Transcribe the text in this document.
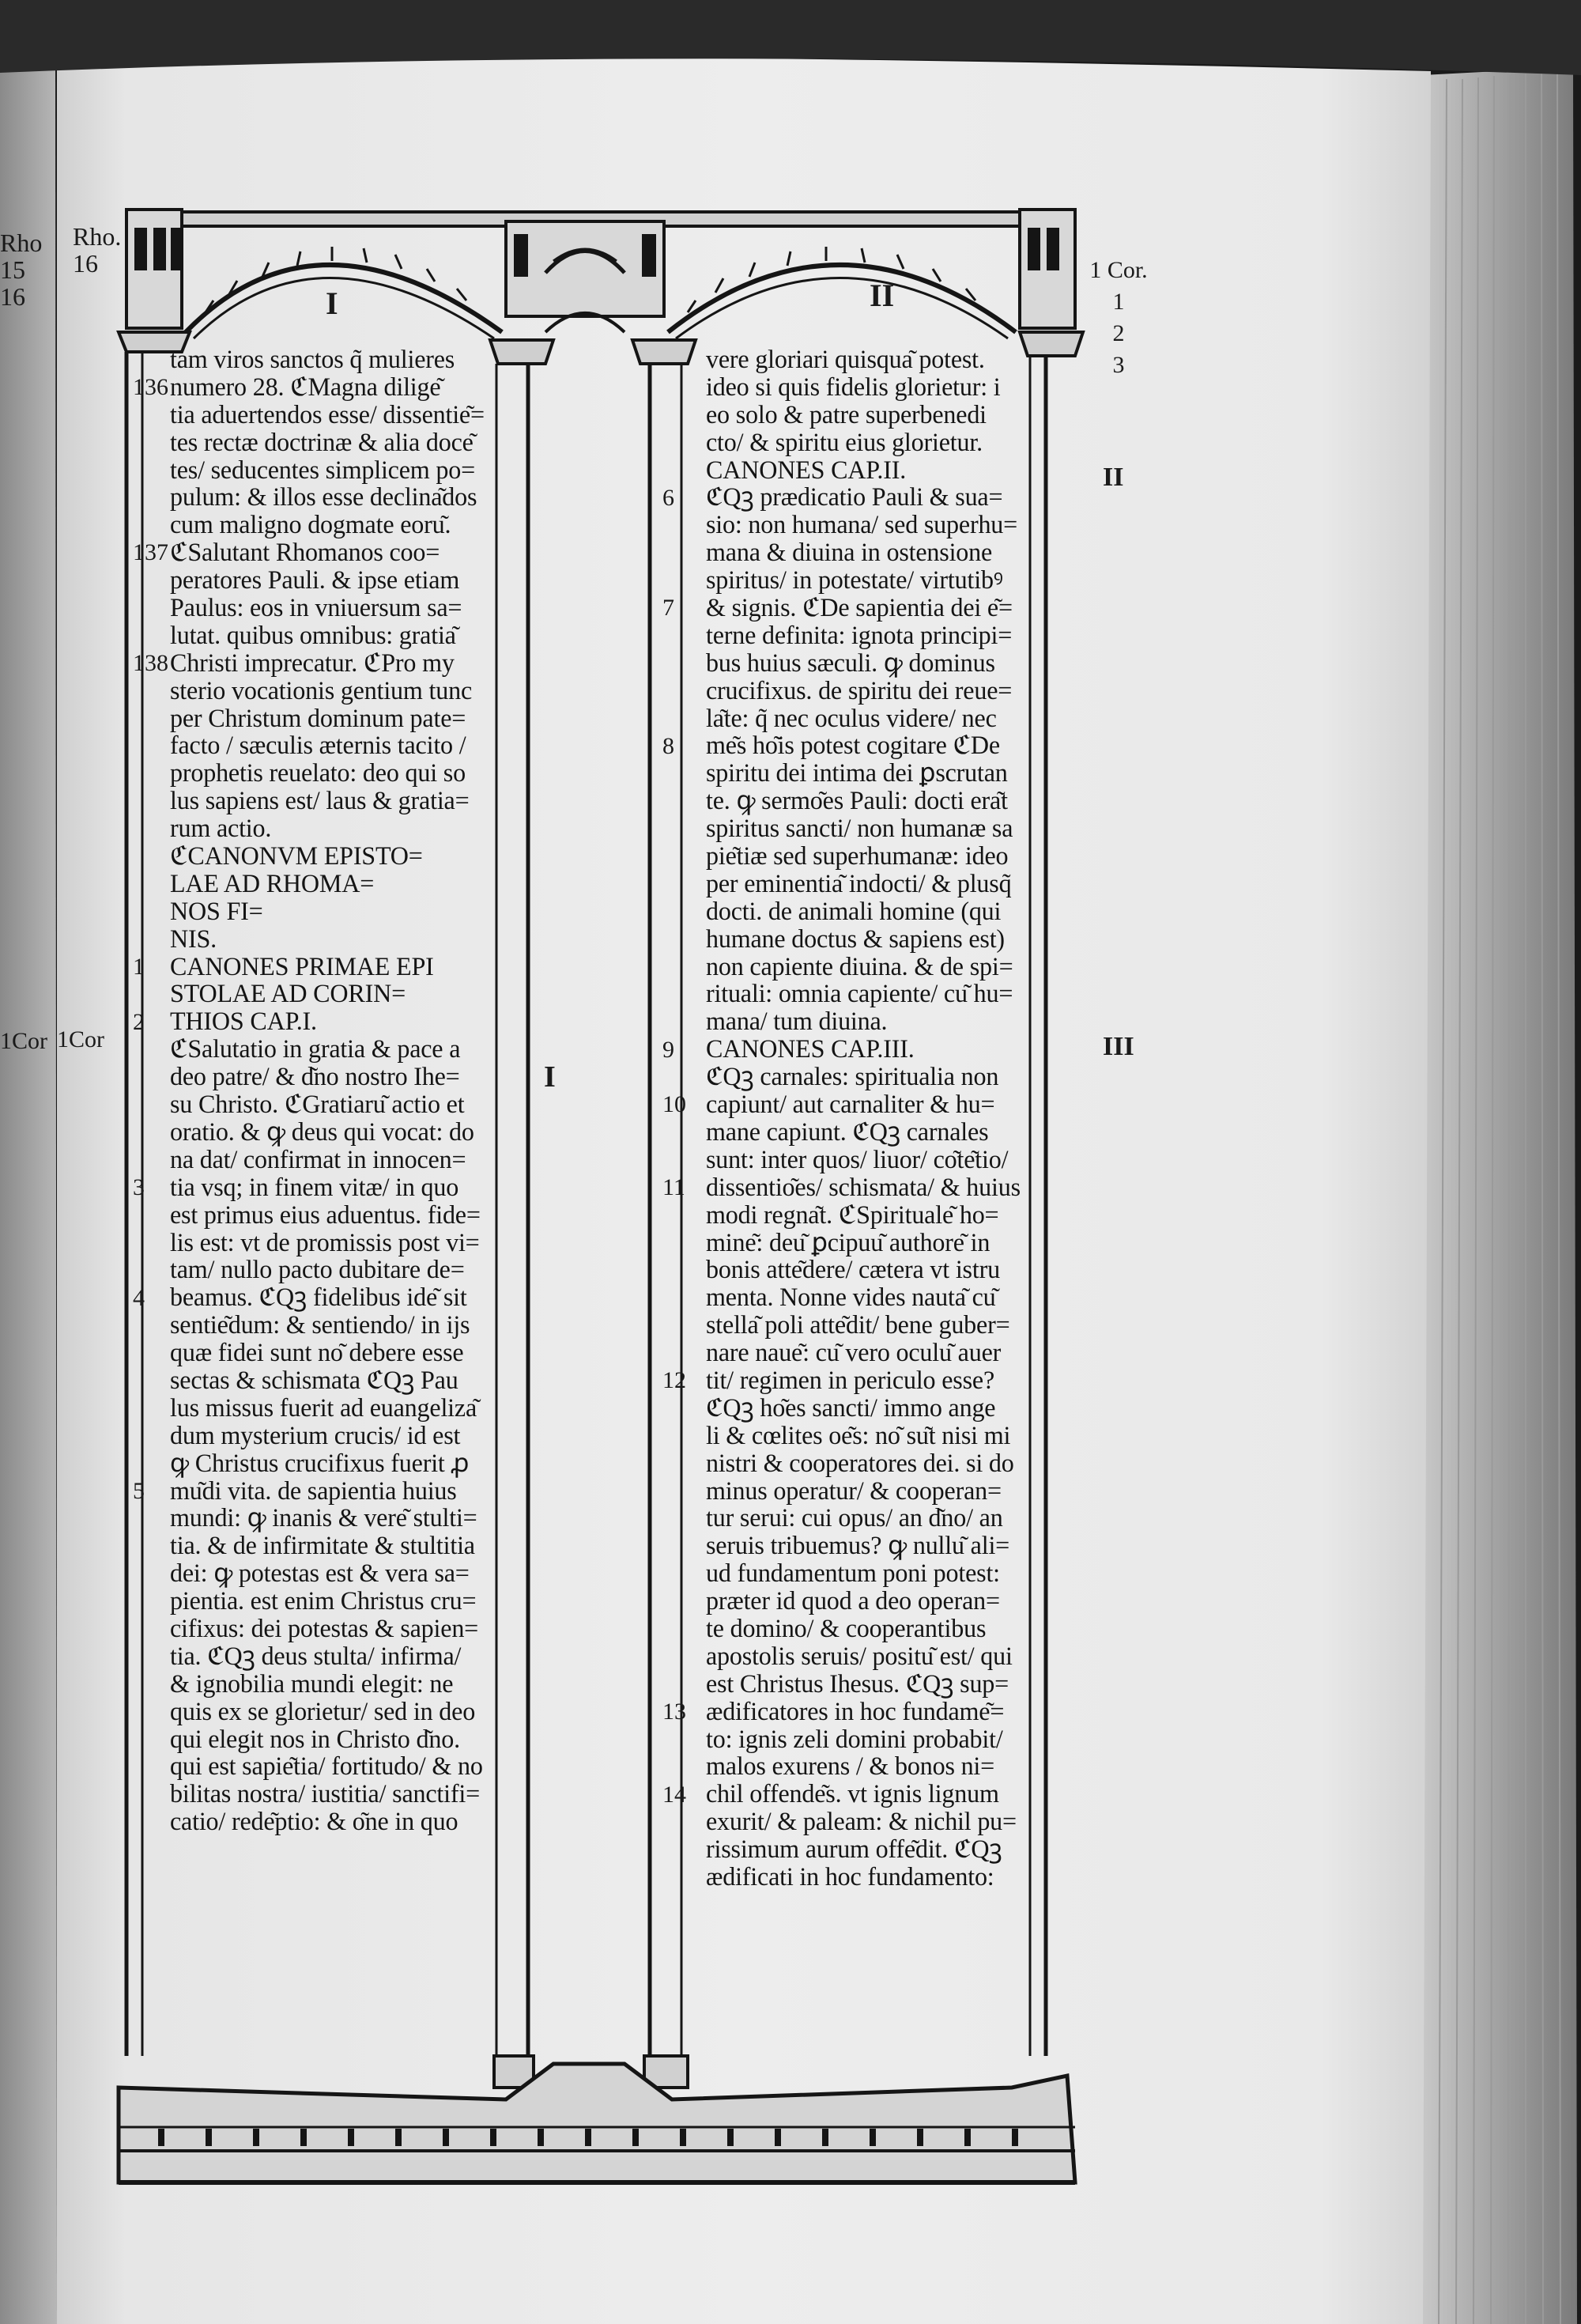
Rho
15
16
1Cor
Rho.
16
1Cor
1 Cor.
1
2
3
II
III
I	II
I
tam viros sanctos q̃ mulieres
numero 28. ℭMagna dilige͂
tia aduertendos esse/ dissentie͂=
tes rectæ doctrinæ & alia doce͂
tes/ seducentes simplicem po=
pulum: & illos esse declina͂dos
cum maligno dogmate eoru͂.
ℭSalutant Rhomanos coo=
peratores Pauli. & ipse etiam
Paulus: eos in vniuersum sa=
lutat. quibus omnibus: gratia͂
Christi imprecatur. ℭPro my
sterio vocationis gentium tunc
per Christum dominum pate=
facto / sæculis æternis tacito /
prophetis reuelato: deo qui so
lus sapiens est/ laus & gratia=
rum actio.
ℭCANONVM EPISTO=
LAE AD RHOMA=
NOS FI=
NIS.
CANONES PRIMAE EPI
STOLAE AD CORIN=
THIOS CAP.I.
ℭSalutatio in gratia & pace a
deo patre/ & d͂no nostro Ihe=
su Christo. ℭGratiaru͂ actio et
oratio. & ꝙ deus qui vocat: do
na dat/ confirmat in innocen=
tia vsq; in finem vitæ/ in quo
est primus eius aduentus. fide=
lis est: vt de promissis post vi=
tam/ nullo pacto dubitare de=
beamus. ℭQꝫ fidelibus ide͂ sit
sentie͂dum: & sentiendo/ in ijs
quæ fidei sunt no͂ debere esse
sectas & schismata ℭQꝫ Pau
lus missus fuerit ad euangeliza͂
dum mysterium crucis/ id est
ꝙ Christus crucifixus fuerit ꝓ
mu͂di vita. de sapientia huius
mundi: ꝙ inanis & vere͂ stulti=
tia. & de infirmitate & stultitia
dei: ꝙ potestas est & vera sa=
pientia. est enim Christus cru=
cifixus: dei potestas & sapien=
tia. ℭQꝫ deus stulta/ infirma/
& ignobilia mundi elegit: ne
quis ex se glorietur/ sed in deo
qui elegit nos in Christo d͂no.
qui est sapie͂tia/ fortitudo/ & no
bilitas nostra/ iustitia/ sanctifi=
catio/ rede͂ptio: & o͂ne in quo
136
137
138
1
2
3
4
5
vere gloriari quisqua͂ potest.
ideo si quis fidelis glorietur: i
eo solo & patre superbenedi
cto/ & spiritu eius glorietur.
CANONES CAP.II.
ℭQꝫ prædicatio Pauli & sua=
sio: non humana/ sed superhu=
mana & diuina in ostensione
spiritus/ in potestate/ virtutibꝰ
& signis. ℭDe sapientia dei e͂=
terne definita: ignota principi=
bus huius sæculi. ꝙ dominus
crucifixus. de spiritu dei reue=
la͂te: q̃ nec oculus videre/ nec
me͂s ho͂is potest cogitare ℭDe
spiritu dei intima dei ꝑscrutan
te. ꝙ sermo͂es Pauli: docti era͂t
spiritus sancti/ non humanæ sa
pie͂tiæ sed superhumanæ: ideo
per eminentia͂ indocti/ & plusq̃
docti. de animali homine (qui
humane doctus & sapiens est)
non capiente diuina. & de spi=
rituali: omnia capiente/ cu͂ hu=
mana/ tum diuina.
CANONES CAP.III.
ℭQꝫ carnales: spiritualia non
capiunt/ aut carnaliter & hu=
mane capiunt. ℭQꝫ carnales
sunt: inter quos/ liuor/ co͂te͂tio/
dissentio͂es/ schismata/ & huius
modi regna͂t. ℭSpirituale͂ ho=
mine͂: deu͂ ꝑcipuu͂ authore͂ in
bonis atte͂dere/ cætera vt istru
menta. Nonne vides nauta͂ cu͂
stella͂ poli atte͂dit/ bene guber=
nare naue͂: cu͂ vero oculu͂ auer
tit/ regimen in periculo esse?
ℭQꝫ ho͂es sancti/ immo ange
li & cœlites oe͂s: no͂ su͂t nisi mi
nistri & cooperatores dei. si do
minus operatur/ & cooperan=
tur serui: cui opus/ an d͂no/ an
seruis tribuemus? ꝙ nullu͂ ali=
ud fundamentum poni potest:
præter id quod a deo operan=
te domino/ & cooperantibus
apostolis seruis/ positu͂ est/ qui
est Christus Ihesus. ℭQꝫ sup=
ædificatores in hoc fundame͂=
to: ignis zeli domini probabit/
malos exurens / & bonos ni=
chil offende͂s. vt ignis lignum
exurit/ & paleam: & nichil pu=
rissimum aurum offe͂dit. ℭQꝫ
ædificati in hoc fundamento:
6
7
8
9
10
11
12
13
14
